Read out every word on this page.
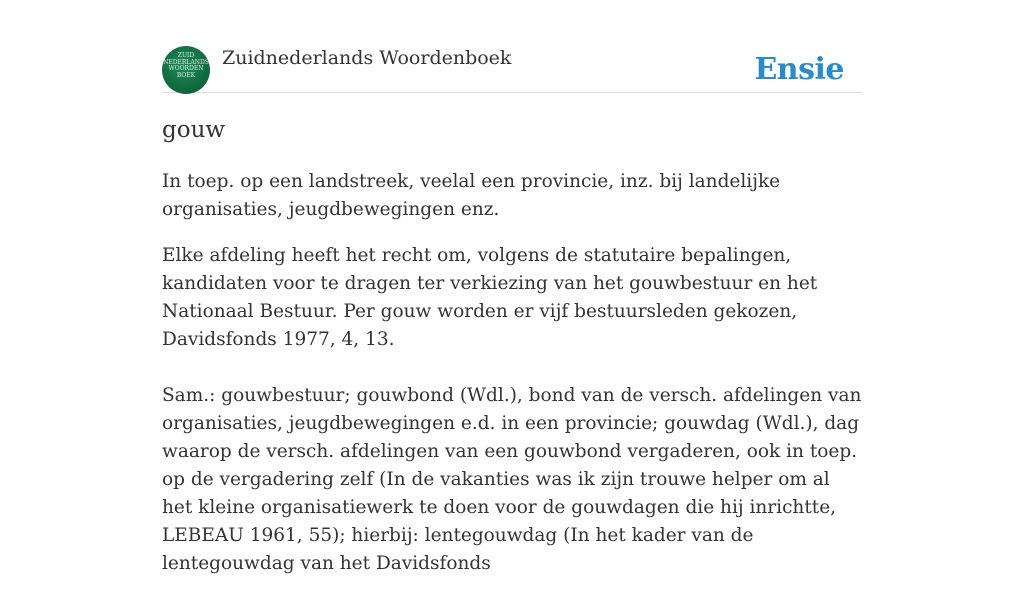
ZUID
NEDERLANDS
WOORDEN
BOEK
Zuidnederlands Woordenboek	Ensie
gouw

In toep. op een landstreek, veelal een provincie, inz. bij landelijke organisaties, jeugdbewegingen enz.

Elke afdeling heeft het recht om, volgens de statutaire bepalingen, kandidaten voor te dragen ter verkiezing van het gouwbestuur en het Nationaal Bestuur. Per gouw worden er vijf bestuursleden gekozen, Davidsfonds 1977, 4, 13.

Sam.: gouwbestuur; gouwbond (Wdl.), bond van de versch. afdelingen van organisaties, jeugdbewegingen e.d. in een provincie; gouwdag (Wdl.), dag waarop de versch. afdelingen van een gouwbond vergaderen, ook in toep. op de vergadering zelf (In de vakanties was ik zijn trouwe helper om al het kleine organisatiewerk te doen voor de gouwdagen die hij inrichtte, LEBEAU 1961, 55); hierbij: lentegouwdag (In het kader van de lentegouwdag van het Davidsfonds
